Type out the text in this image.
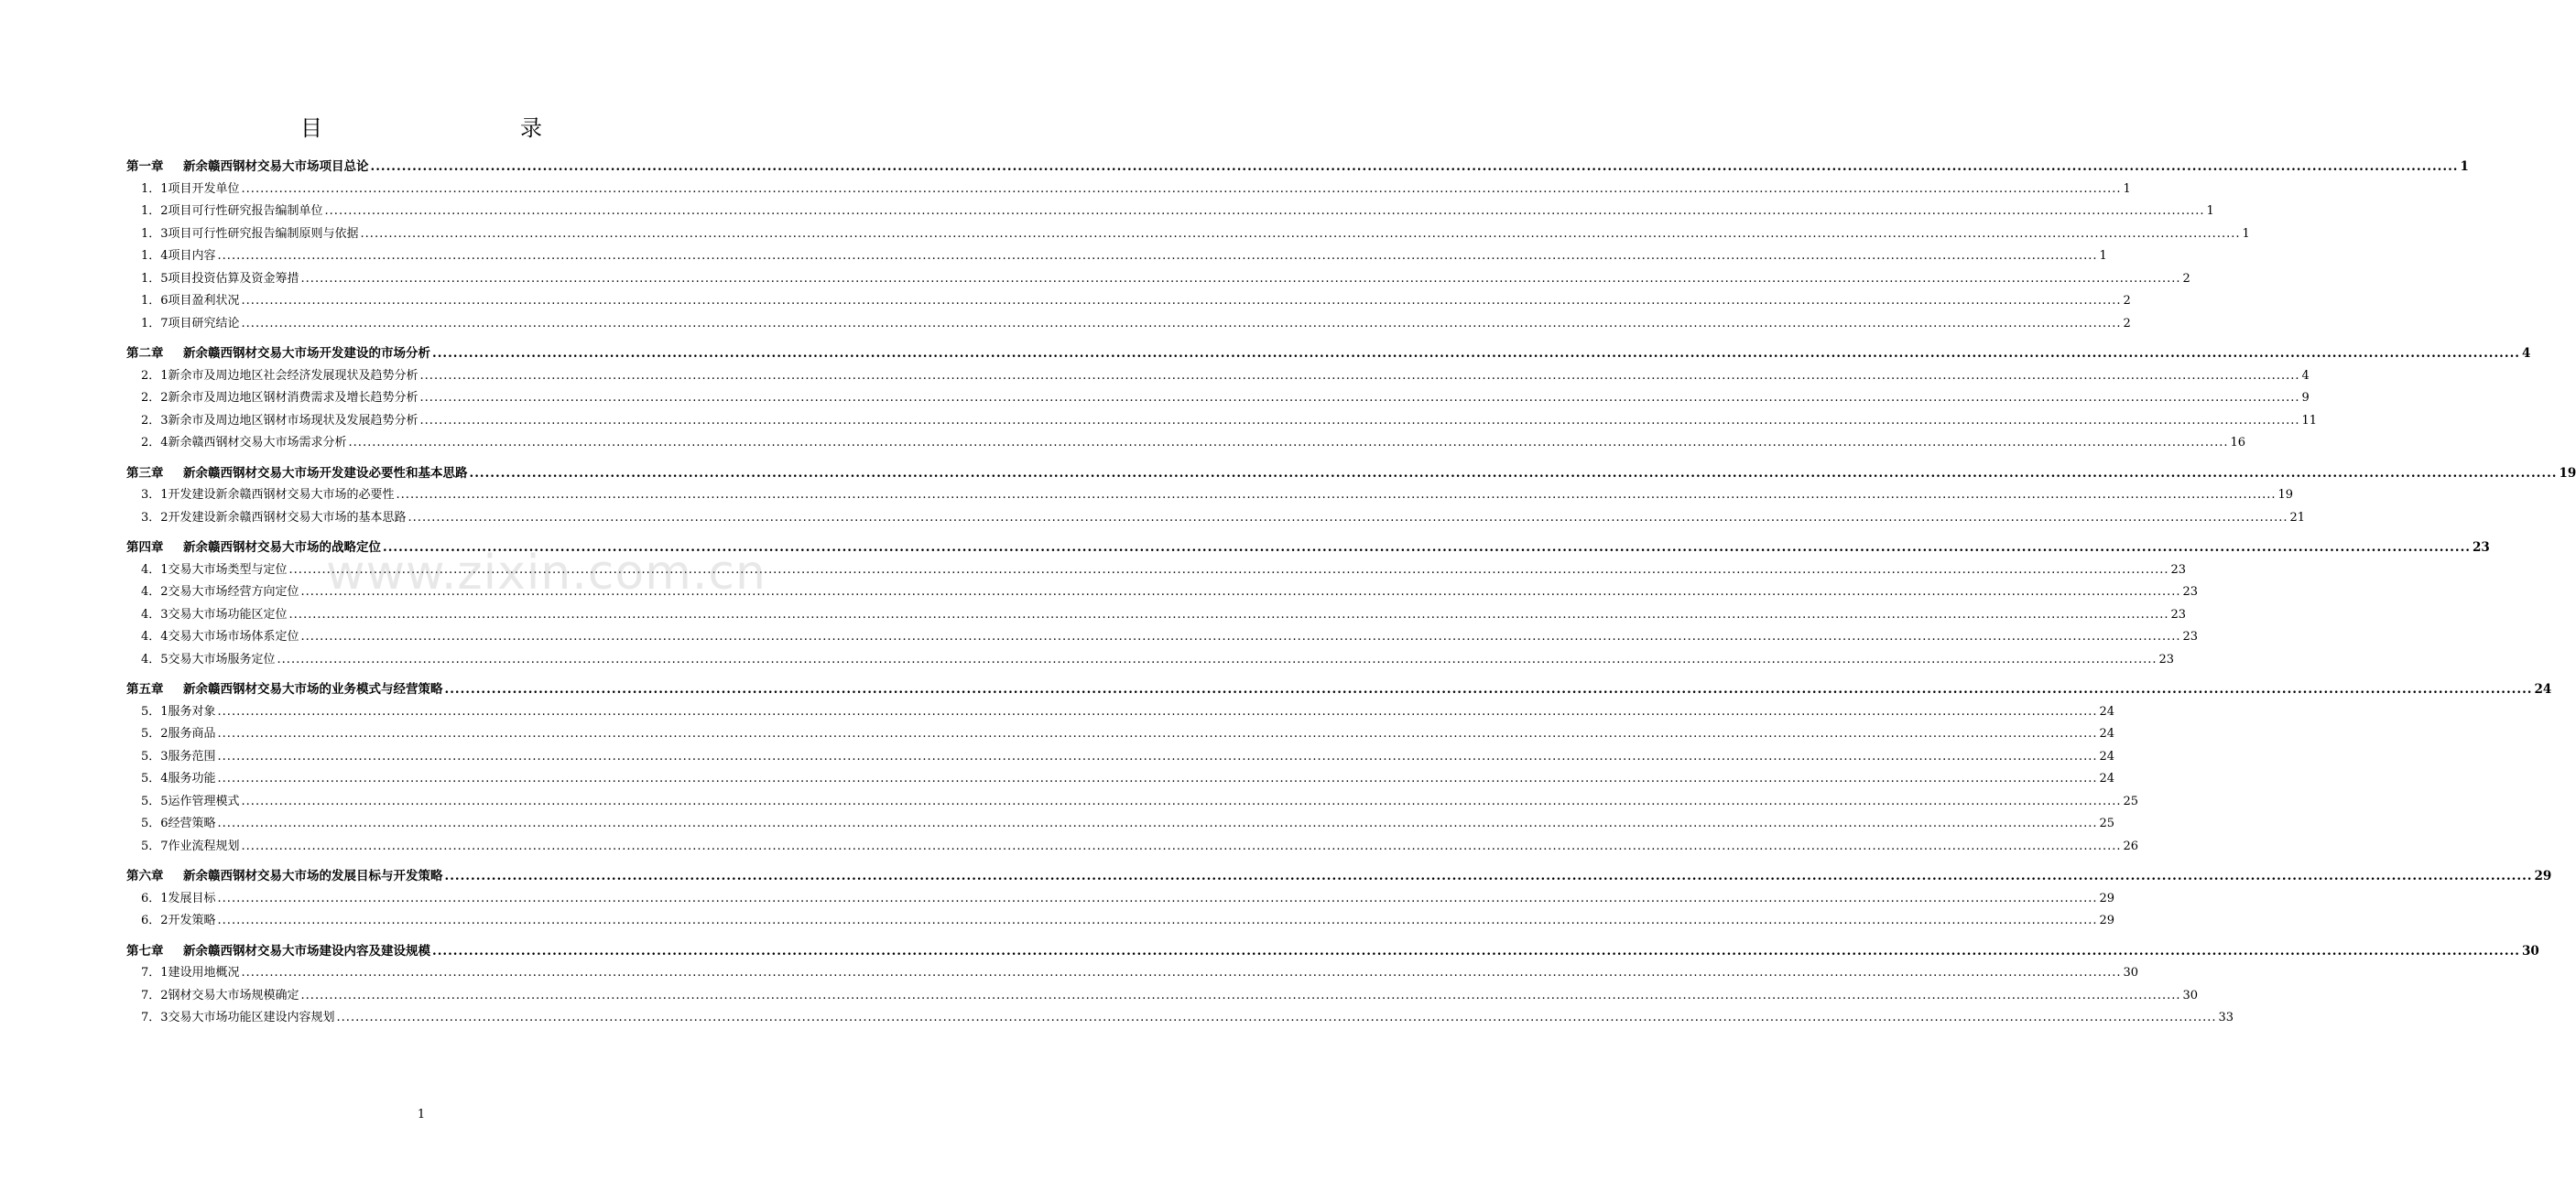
目　　录
第一章	新余赣西钢材交易大市场项目总论 ................................................................................................................................................................................................................................................................................................................................................................................................................ 1
1．1项目开发单位 ................................................................................................................................................................................................................................................................................................................................................................................................................ 1
1．2项目可行性研究报告编制单位 ................................................................................................................................................................................................................................................................................................................................................................................................................ 1
1．3项目可行性研究报告编制原则与依据 ................................................................................................................................................................................................................................................................................................................................................................................................................ 1
1．4项目内容 ................................................................................................................................................................................................................................................................................................................................................................................................................ 1
1．5项目投资估算及资金筹措 ................................................................................................................................................................................................................................................................................................................................................................................................................ 2
1．6项目盈利状况 ................................................................................................................................................................................................................................................................................................................................................................................................................ 2
1．7项目研究结论 ................................................................................................................................................................................................................................................................................................................................................................................................................ 2
第二章	新余赣西钢材交易大市场开发建设的市场分析 ................................................................................................................................................................................................................................................................................................................................................................................................................ 4
2．1新余市及周边地区社会经济发展现状及趋势分析 ................................................................................................................................................................................................................................................................................................................................................................................................................ 4
2．2新余市及周边地区钢材消费需求及增长趋势分析 ................................................................................................................................................................................................................................................................................................................................................................................................................ 9
2．3新余市及周边地区钢材市场现状及发展趋势分析 ................................................................................................................................................................................................................................................................................................................................................................................................................ 11
2．4新余赣西钢材交易大市场需求分析 ................................................................................................................................................................................................................................................................................................................................................................................................................ 16
第三章	新余赣西钢材交易大市场开发建设必要性和基本思路 ................................................................................................................................................................................................................................................................................................................................................................................................................ 19
3．1开发建设新余赣西钢材交易大市场的必要性 ................................................................................................................................................................................................................................................................................................................................................................................................................ 19
3．2开发建设新余赣西钢材交易大市场的基本思路 ................................................................................................................................................................................................................................................................................................................................................................................................................ 21
第四章	新余赣西钢材交易大市场的战略定位 ................................................................................................................................................................................................................................................................................................................................................................................................................ 23
4．1交易大市场类型与定位 ................................................................................................................................................................................................................................................................................................................................................................................................................ 23
4．2交易大市场经营方向定位 ................................................................................................................................................................................................................................................................................................................................................................................................................ 23
4．3交易大市场功能区定位 ................................................................................................................................................................................................................................................................................................................................................................................................................ 23
4．4交易大市场市场体系定位 ................................................................................................................................................................................................................................................................................................................................................................................................................ 23
4．5交易大市场服务定位 ................................................................................................................................................................................................................................................................................................................................................................................................................ 23
第五章	新余赣西钢材交易大市场的业务模式与经营策略 ................................................................................................................................................................................................................................................................................................................................................................................................................ 24
5．1服务对象 ................................................................................................................................................................................................................................................................................................................................................................................................................ 24
5．2服务商品 ................................................................................................................................................................................................................................................................................................................................................................................................................ 24
5．3服务范围 ................................................................................................................................................................................................................................................................................................................................................................................................................ 24
5．4服务功能 ................................................................................................................................................................................................................................................................................................................................................................................................................ 24
5．5运作管理模式 ................................................................................................................................................................................................................................................................................................................................................................................................................ 25
5．6经营策略 ................................................................................................................................................................................................................................................................................................................................................................................................................ 25
5．7作业流程规划 ................................................................................................................................................................................................................................................................................................................................................................................................................ 26
第六章	新余赣西钢材交易大市场的发展目标与开发策略 ................................................................................................................................................................................................................................................................................................................................................................................................................ 29
6．1发展目标 ................................................................................................................................................................................................................................................................................................................................................................................................................ 29
6．2开发策略 ................................................................................................................................................................................................................................................................................................................................................................................................................ 29
第七章	新余赣西钢材交易大市场建设内容及建设规模 ................................................................................................................................................................................................................................................................................................................................................................................................................ 30
7．1建设用地概况 ................................................................................................................................................................................................................................................................................................................................................................................................................ 30
7．2钢材交易大市场规模确定 ................................................................................................................................................................................................................................................................................................................................................................................................................ 30
7．3交易大市场功能区建设内容规划 ................................................................................................................................................................................................................................................................................................................................................................................................................ 33
www.zixin.com.cn
1
